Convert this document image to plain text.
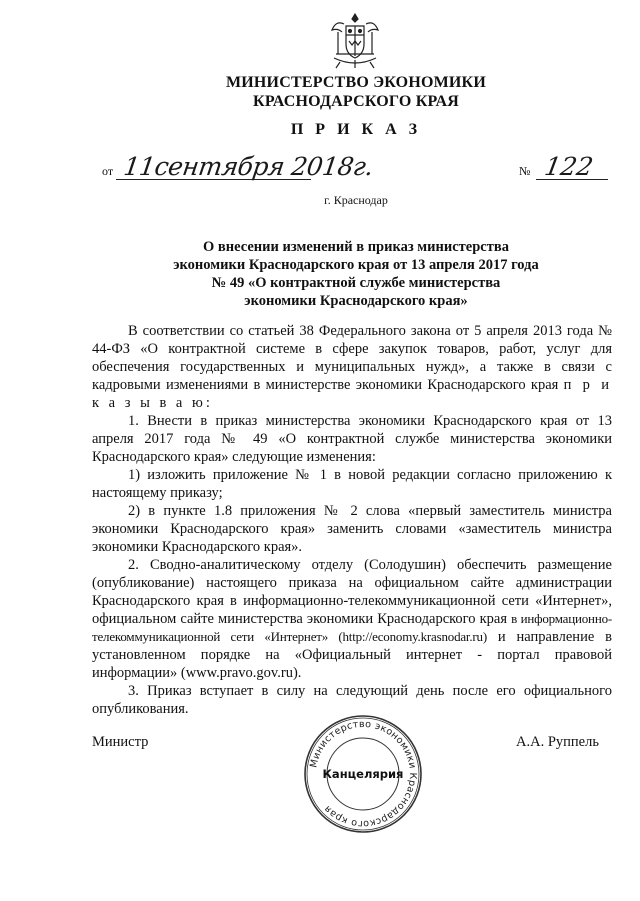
МИНИСТЕРСТВО ЭКОНОМИКИ
КРАСНОДАРСКОГО КРАЯ
П Р И К А З
от 11сентября 2018г.	№ 122
г. Краснодар
О внесении изменений в приказ министерства
экономики Краснодарского края от 13 апреля 2017 года
№ 49 «О контрактной службе министерства
экономики Краснодарского края»

В соответствии со статьей 38 Федерального закона от 5 апреля 2013 года № 44-ФЗ «О контрактной системе в сфере закупок товаров, работ, услуг для обеспечения государственных и муниципальных нужд», а также в связи с кадровыми изменениями в министерстве экономики Краснодарского края п р и к а з ы в а ю:

1. Внести в приказ министерства экономики Краснодарского края от 13 апреля 2017 года № 49 «О контрактной службе министерства экономики Краснодарского края» следующие изменения:

1) изложить приложение № 1 в новой редакции согласно приложению к настоящему приказу;

2) в пункте 1.8 приложения № 2 слова «первый заместитель министра экономики Краснодарского края» заменить словами «заместитель министра экономики Краснодарского края».

2. Сводно-аналитическому отделу (Солодушин) обеспечить размещение (опубликование) настоящего приказа на официальном сайте администрации Краснодарского края в информационно-телекоммуникационной сети «Интернет», официальном сайте министерства экономики Краснодарского края в информационно-телекоммуникационной сети «Интернет» (http://economy.krasnodar.ru) и направление в установленном порядке на «Официальный интернет - портал правовой информации» (www.pravo.gov.ru).

3. Приказ вступает в силу на следующий день после его официального опубликования.

Министр	А.А. Руппель
Министерство экономики Краснодарского края
Канцелярия
